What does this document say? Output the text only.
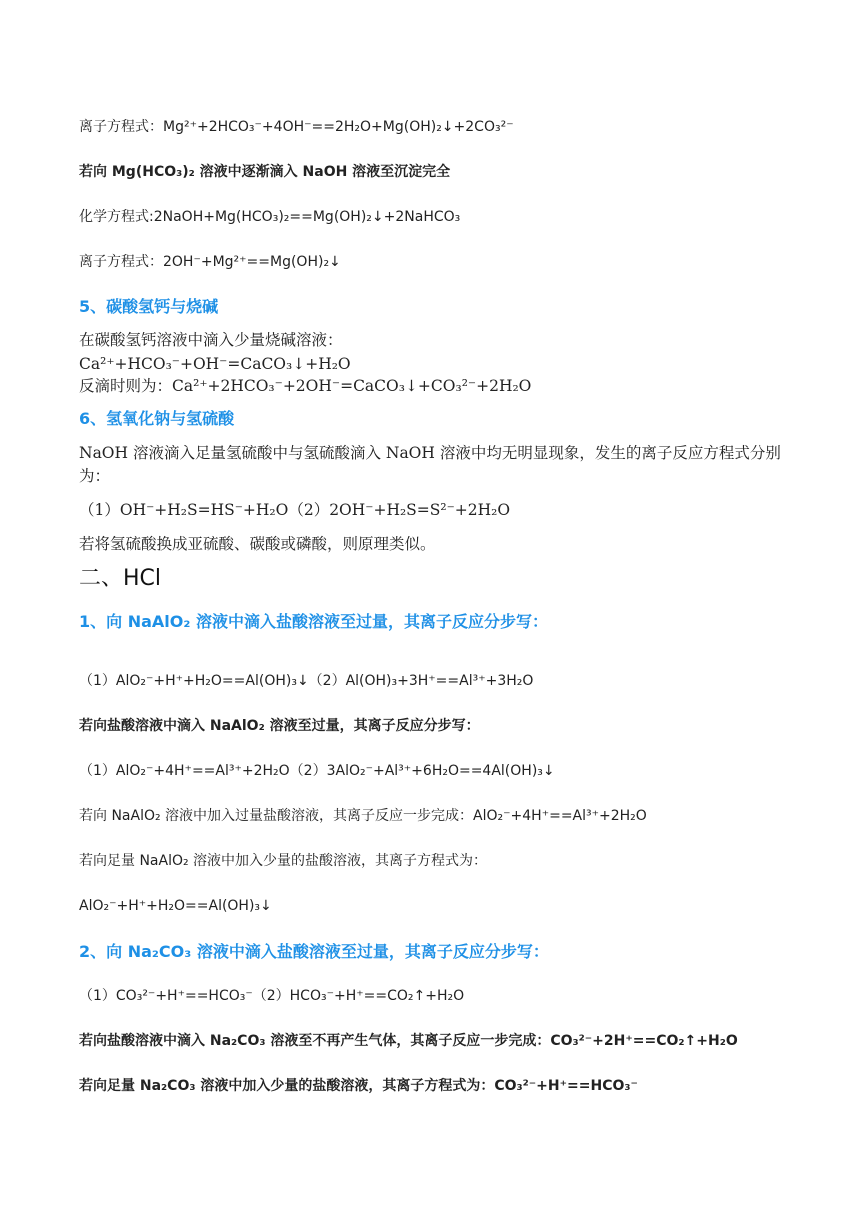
离子方程式：Mg²⁺+2HCO₃⁻+4OH⁻==2H₂O+Mg(OH)₂↓+2CO₃²⁻
若向 Mg(HCO₃)₂ 溶液中逐渐滴入 NaOH 溶液至沉淀完全
化学方程式:2NaOH+Mg(HCO₃)₂==Mg(OH)₂↓+2NaHCO₃
离子方程式：2OH⁻+Mg²⁺==Mg(OH)₂↓
5、碳酸氢钙与烧碱
在碳酸氢钙溶液中滴入少量烧碱溶液：
Ca²⁺+HCO₃⁻+OH⁻=CaCO₃↓+H₂O
反滴时则为：Ca²⁺+2HCO₃⁻+2OH⁻=CaCO₃↓+CO₃²⁻+2H₂O
6、氢氧化钠与氢硫酸
NaOH 溶液滴入足量氢硫酸中与氢硫酸滴入 NaOH 溶液中均无明显现象，发生的离子反应方程式分别为：
（1）OH⁻+H₂S=HS⁻+H₂O（2）2OH⁻+H₂S=S²⁻+2H₂O
若将氢硫酸换成亚硫酸、碳酸或磷酸，则原理类似。
二、HCl
1、向 NaAlO₂ 溶液中滴入盐酸溶液至过量，其离子反应分步写：
（1）AlO₂⁻+H⁺+H₂O==Al(OH)₃↓（2）Al(OH)₃+3H⁺==Al³⁺+3H₂O
若向盐酸溶液中滴入 NaAlO₂ 溶液至过量，其离子反应分步写：
（1）AlO₂⁻+4H⁺==Al³⁺+2H₂O（2）3AlO₂⁻+Al³⁺+6H₂O==4Al(OH)₃↓
若向 NaAlO₂ 溶液中加入过量盐酸溶液，其离子反应一步完成：AlO₂⁻+4H⁺==Al³⁺+2H₂O
若向足量 NaAlO₂ 溶液中加入少量的盐酸溶液，其离子方程式为：
AlO₂⁻+H⁺+H₂O==Al(OH)₃↓
2、向 Na₂CO₃ 溶液中滴入盐酸溶液至过量，其离子反应分步写：
（1）CO₃²⁻+H⁺==HCO₃⁻（2）HCO₃⁻+H⁺==CO₂↑+H₂O
若向盐酸溶液中滴入 Na₂CO₃ 溶液至不再产生气体，其离子反应一步完成：CO₃²⁻+2H⁺==CO₂↑+H₂O
若向足量 Na₂CO₃ 溶液中加入少量的盐酸溶液，其离子方程式为：CO₃²⁻+H⁺==HCO₃⁻
